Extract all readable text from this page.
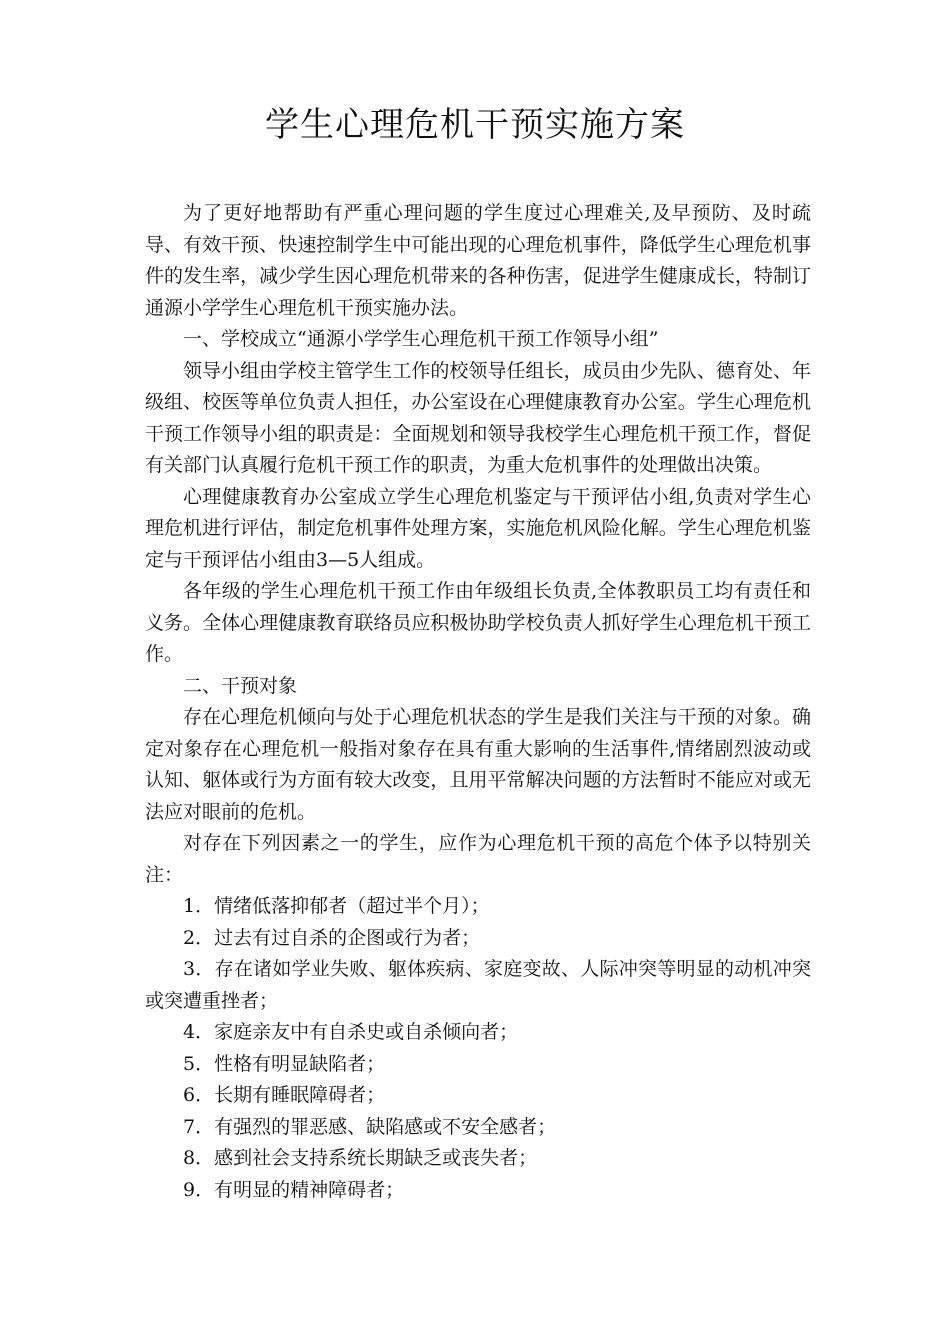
学生心理危机干预实施方案

为了更好地帮助有严重心理问题的学生度过心理难关,及早预防、及时疏导、有效干预、快速控制学生中可能出现的心理危机事件，降低学生心理危机事件的发生率，减少学生因心理危机带来的各种伤害，促进学生健康成长，特制订通源小学学生心理危机干预实施办法。

一、学校成立“通源小学学生心理危机干预工作领导小组”

领导小组由学校主管学生工作的校领导任组长，成员由少先队、德育处、年级组、校医等单位负责人担任，办公室设在心理健康教育办公室。学生心理危机干预工作领导小组的职责是：全面规划和领导我校学生心理危机干预工作，督促有关部门认真履行危机干预工作的职责，为重大危机事件的处理做出决策。

心理健康教育办公室成立学生心理危机鉴定与干预评估小组,负责对学生心理危机进行评估，制定危机事件处理方案，实施危机风险化解。学生心理危机鉴定与干预评估小组由3—5人组成。

各年级的学生心理危机干预工作由年级组长负责,全体教职员工均有责任和义务。全体心理健康教育联络员应积极协助学校负责人抓好学生心理危机干预工作。

二、干预对象

存在心理危机倾向与处于心理危机状态的学生是我们关注与干预的对象。确定对象存在心理危机一般指对象存在具有重大影响的生活事件,情绪剧烈波动或认知、躯体或行为方面有较大改变，且用平常解决问题的方法暂时不能应对或无法应对眼前的危机。

对存在下列因素之一的学生，应作为心理危机干预的高危个体予以特别关注：

1．情绪低落抑郁者（超过半个月）；

2．过去有过自杀的企图或行为者；

3．存在诸如学业失败、躯体疾病、家庭变故、人际冲突等明显的动机冲突或突遭重挫者；

4．家庭亲友中有自杀史或自杀倾向者；

5．性格有明显缺陷者；

6．长期有睡眠障碍者；

7．有强烈的罪恶感、缺陷感或不安全感者；

8．感到社会支持系统长期缺乏或丧失者；

9．有明显的精神障碍者；
